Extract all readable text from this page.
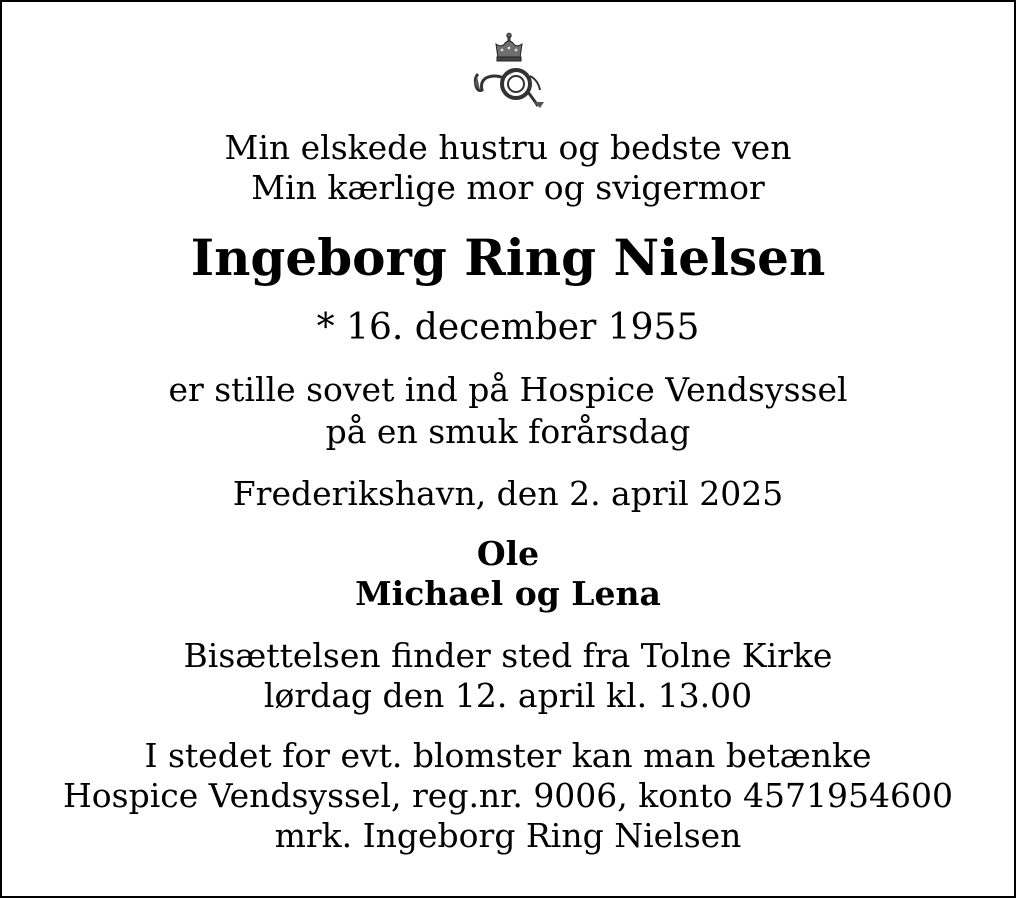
Min elskede hustru og bedste ven
Min kærlige mor og svigermor
Ingeborg Ring Nielsen
* 16. december 1955
er stille sovet ind på Hospice Vendsyssel
på en smuk forårsdag
Frederikshavn, den 2. april 2025
Ole
Michael og Lena
Bisættelsen finder sted fra Tolne Kirke
lørdag den 12. april kl. 13.00
I stedet for evt. blomster kan man betænke
Hospice Vendsyssel, reg.nr. 9006, konto 4571954600
mrk. Ingeborg Ring Nielsen
